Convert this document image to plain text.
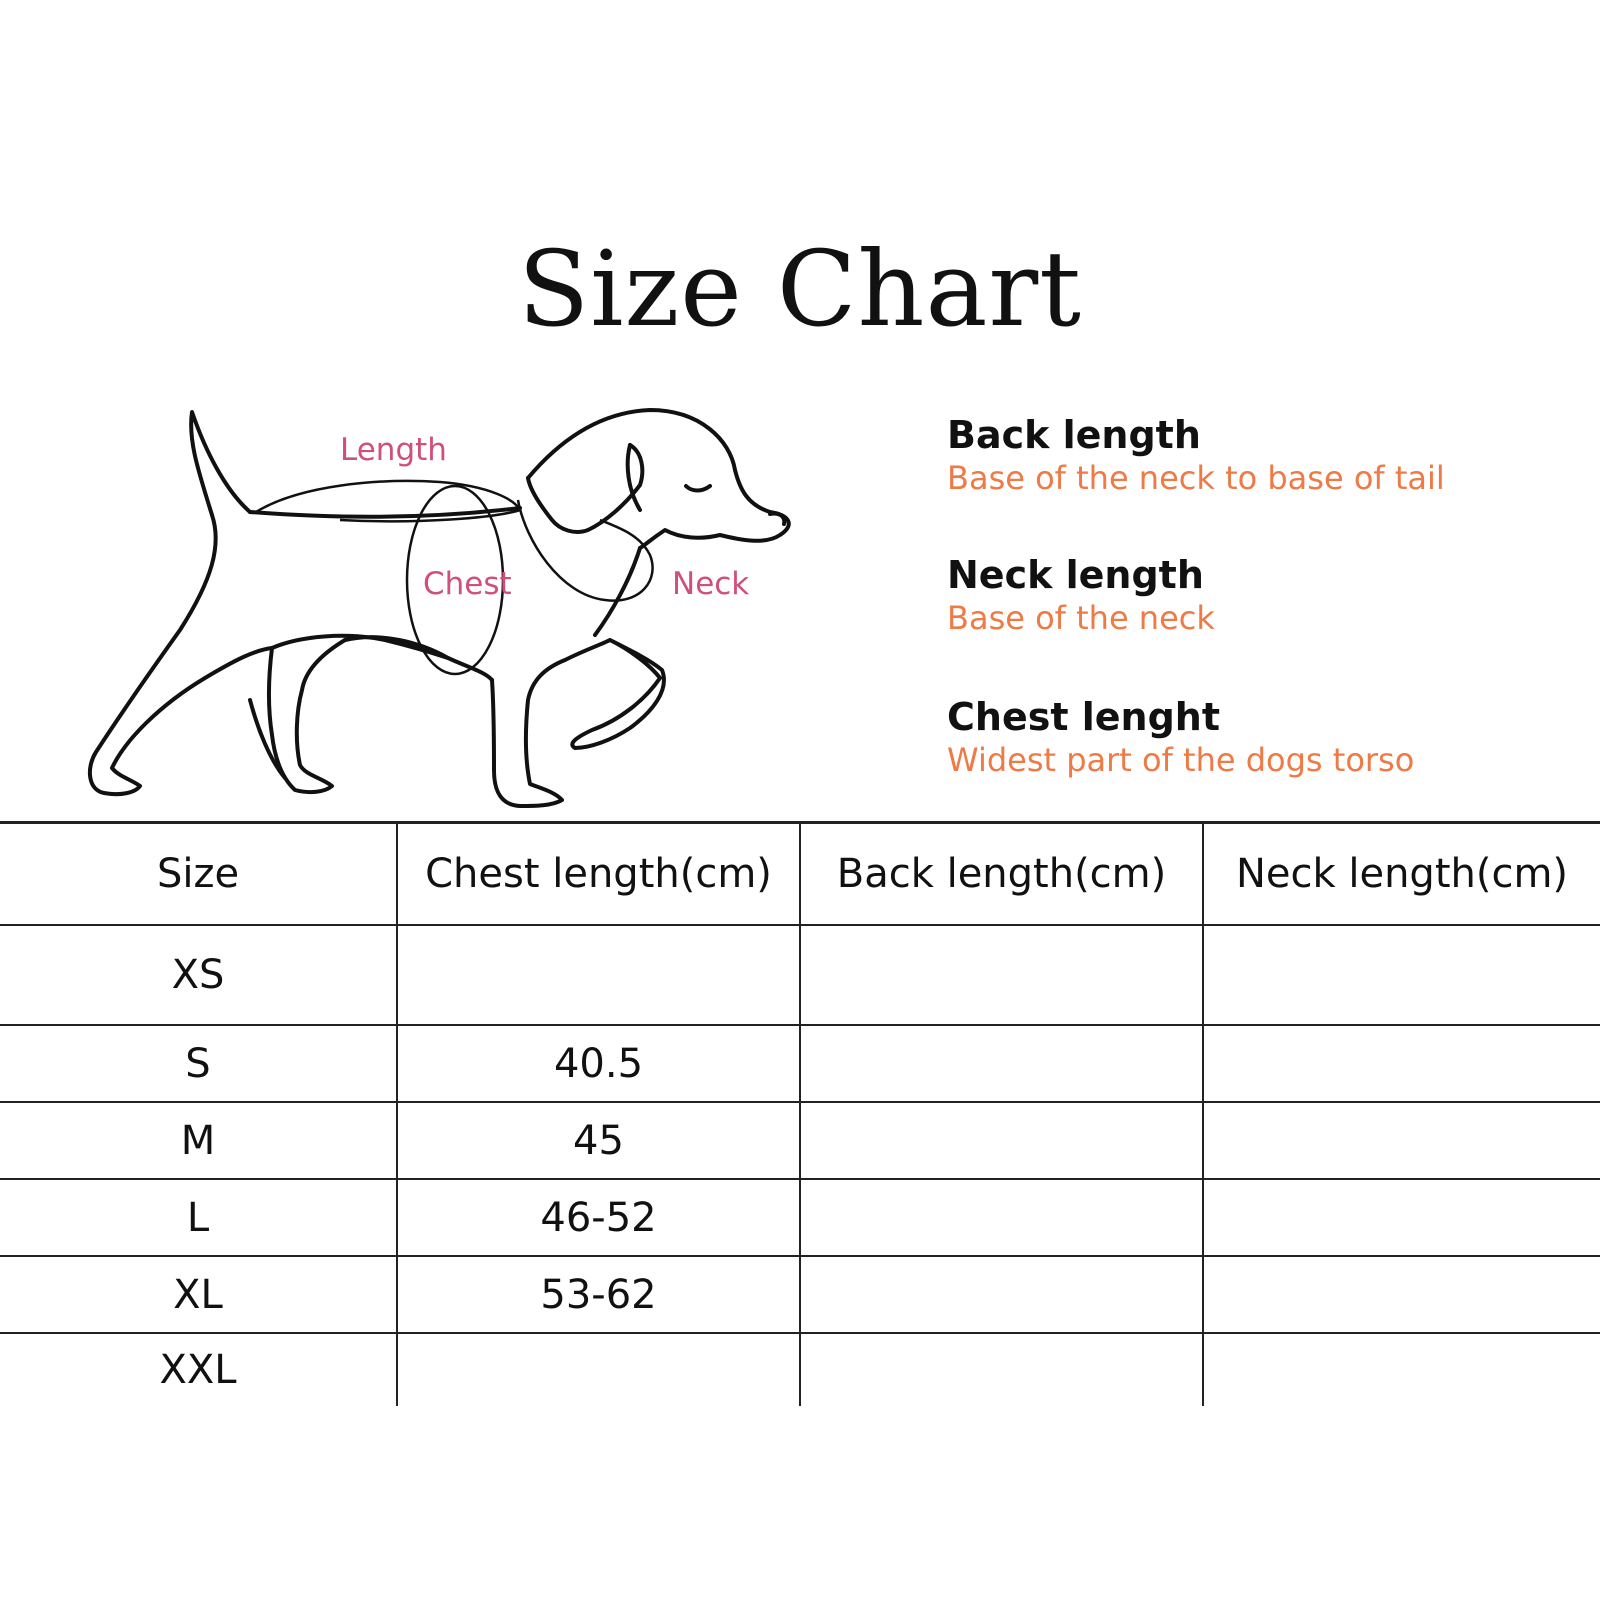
Size Chart
Length
Chest	Neck
Back length
Base of the neck to base of tail
Neck length
Base of the neck
Chest lenght
Widest part of the dogs torso
Size	Chest length(cm)	Back length(cm)	Neck length(cm)
XS			
S	40.5		
M	45		
L	46-52		
XL	53-62		
XXL			
